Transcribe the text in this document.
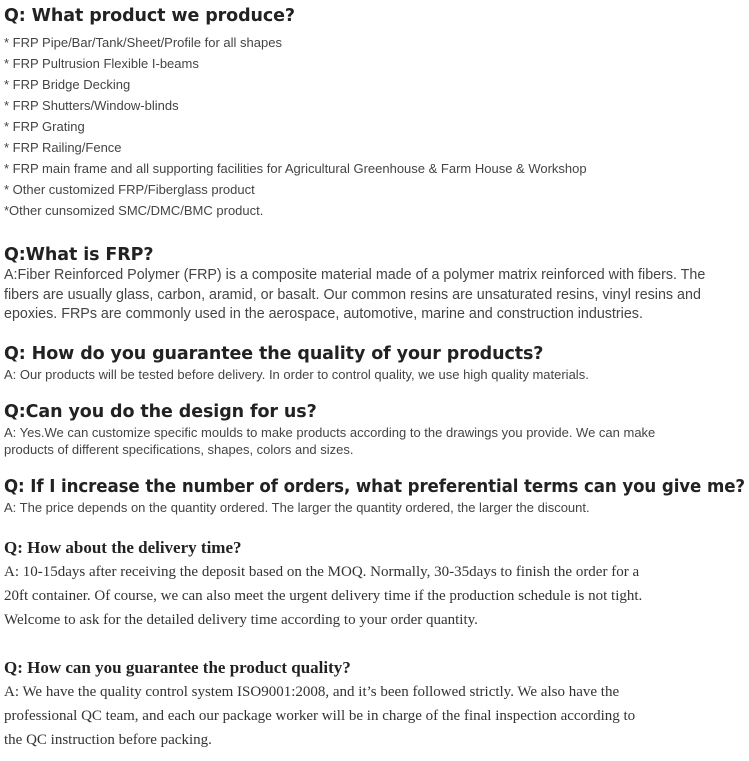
Q: What product we produce?

* FRP Pipe/Bar/Tank/Sheet/Profile for all shapes

* FRP Pultrusion Flexible I-beams

* FRP Bridge Decking

* FRP Shutters/Window-blinds

* FRP Grating

* FRP Railing/Fence

* FRP main frame and all supporting facilities for Agricultural Greenhouse & Farm House & Workshop

* Other customized FRP/Fiberglass product

*Other cunsomized SMC/DMC/BMC product.

Q:What is FRP?

A:Fiber Reinforced Polymer (FRP) is a composite material made of a polymer matrix reinforced with fibers. The

fibers are usually glass, carbon, aramid, or basalt. Our common resins are unsaturated resins, vinyl resins and

epoxies. FRPs are commonly used in the aerospace, automotive, marine and construction industries.

Q: How do you guarantee the quality of your products?

A: Our products will be tested before delivery. In order to control quality, we use high quality materials.

Q:Can you do the design for us?

A: Yes.We can customize specific moulds to make products according to the drawings you provide. We can make

products of different specifications, shapes, colors and sizes.

Q: If I increase the number of orders, what preferential terms can you give me?

A: The price depends on the quantity ordered. The larger the quantity ordered, the larger the discount.

Q: How about the delivery time?

A: 10-15days after receiving the deposit based on the MOQ. Normally, 30-35days to finish the order for a

20ft container. Of course, we can also meet the urgent delivery time if the production schedule is not tight.

Welcome to ask for the detailed delivery time according to your order quantity.

Q: How can you guarantee the product quality?

A: We have the quality control system ISO9001:2008, and it’s been followed strictly. We also have the

professional QC team, and each our package worker will be in charge of the final inspection according to

the QC instruction before packing.
